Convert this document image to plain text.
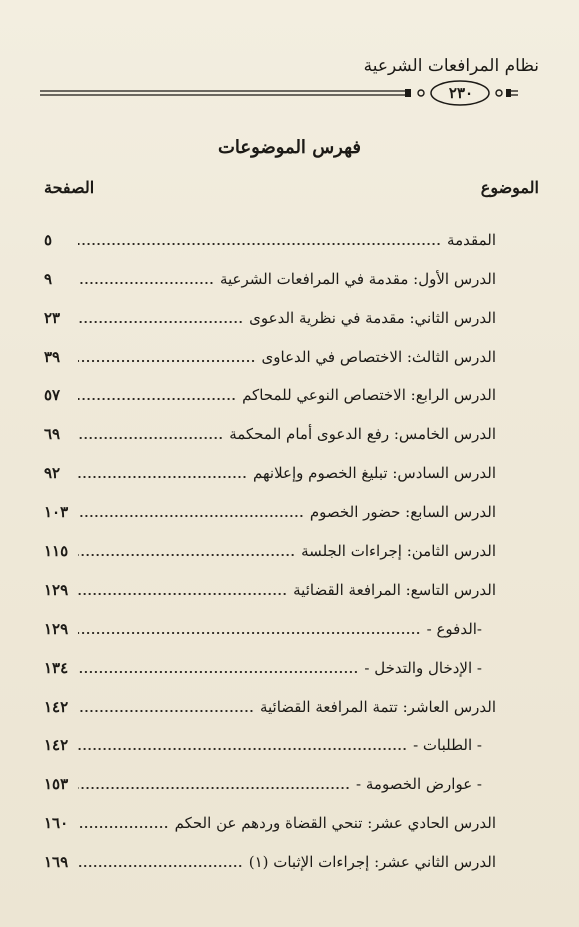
نظام المرافعات الشرعية
٢٣٠
فهرس الموضوعات
الموضوع
الصفحة
المقدمة
٥
الدرس الأول: مقدمة في المرافعات الشرعية
٩
الدرس الثاني: مقدمة في نظرية الدعوى
٢٣
الدرس الثالث: الاختصاص في الدعاوى
٣٩
الدرس الرابع: الاختصاص النوعي للمحاكم
٥٧
الدرس الخامس: رفع الدعوى أمام المحكمة
٦٩
الدرس السادس: تبليغ الخصوم وإعلانهم
٩٢
الدرس السابع: حضور الخصوم
١٠٣
الدرس الثامن: إجراءات الجلسة
١١٥
الدرس التاسع: المرافعة القضائية
١٢٩
-الدفوع -
١٢٩
- الإدخال والتدخل -
١٣٤
الدرس العاشر: تتمة المرافعة القضائية
١٤٢
- الطلبات -
١٤٢
- عوارض الخصومة -
١٥٣
الدرس الحادي عشر: تنحي القضاة وردهم عن الحكم
١٦٠
الدرس الثاني عشر: إجراءات الإثبات (١)
١٦٩
